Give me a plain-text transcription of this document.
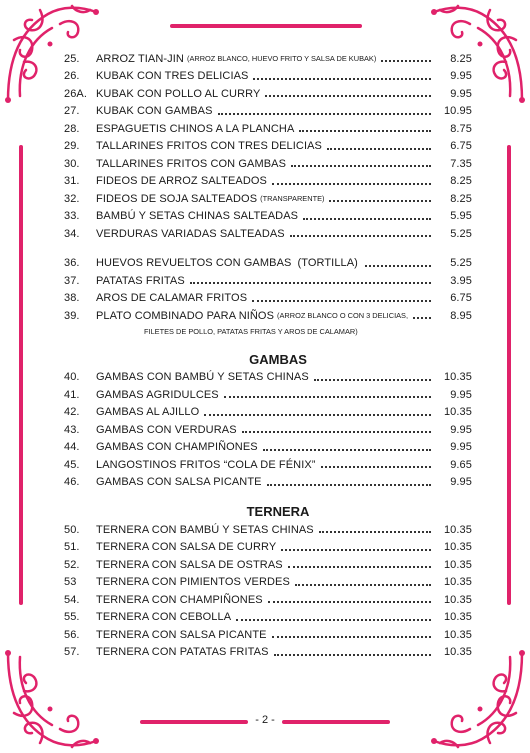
25.	ARROZ TIAN-JIN (ARROZ BLANCO, HUEVO FRITO Y SALSA DE KUBAK)	8.25
26.	KUBAK CON TRES DELICIAS	9.95
26A. KUBAK CON POLLO AL CURRY	9.95
27.	KUBAK CON GAMBAS	10.95
28.	ESPAGUETIS CHINOS A LA PLANCHA	8.75
29.	TALLARINES FRITOS CON TRES DELICIAS	6.75
30.	TALLARINES FRITOS CON GAMBAS	7.35
31.	FIDEOS DE ARROZ SALTEADOS	8.25
32.	FIDEOS DE SOJA SALTEADOS (TRANSPARENTE)	8.25
33.	BAMBÚ Y SETAS CHINAS SALTEADAS	5.95
34.	VERDURAS VARIADAS SALTEADAS	5.25
36.	HUEVOS REVUELTOS CON GAMBAS (TORTILLA)	5.25
37.	PATATAS FRITAS	3.95
38.	AROS DE CALAMAR FRITOS	6.75
39.	PLATO COMBINADO PARA NIÑOS (ARROZ BLANCO O CON 3 DELICIAS,	8.95
FILETES DE POLLO, PATATAS FRITAS Y AROS DE CALAMAR)
GAMBAS
40.	GAMBAS CON BAMBÚ Y SETAS CHINAS	10.35
41.	GAMBAS AGRIDULCES	9.95
42.	GAMBAS AL AJILLO	10.35
43.	GAMBAS CON VERDURAS	9.95
44.	GAMBAS CON CHAMPIÑONES	9.95
45.	LANGOSTINOS FRITOS “COLA DE FÉNIX”	9.65
46.	GAMBAS CON SALSA PICANTE	9.95
TERNERA
50.	TERNERA CON BAMBÚ Y SETAS CHINAS	10.35
51.	TERNERA CON SALSA DE CURRY	10.35
52.	TERNERA CON SALSA DE OSTRAS	10.35
53	TERNERA CON PIMIENTOS VERDES	10.35
54.	TERNERA CON CHAMPIÑONES	10.35
55.	TERNERA CON CEBOLLA	10.35
56.	TERNERA CON SALSA PICANTE	10.35
57.	TERNERA CON PATATAS FRITAS	10.35
- 2 -
